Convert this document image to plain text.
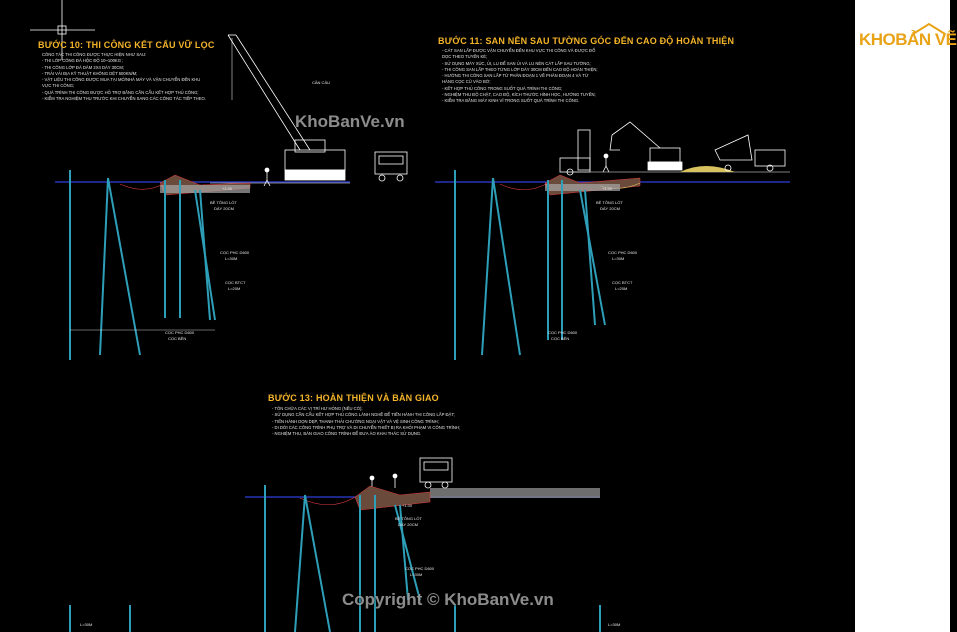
BƯỚC 10: THI CÔNG KẾT CẤU VỮ LỌC
CÔNG TÁC THI CÔNG ĐƯỢC THỰC HIỆN NHƯ SAU:
- THI LỚP CÔNG ĐÁ HỘC ĐỘ 10~100KG ;
- THI CÔNG LỚP ĐÁ DĂM 2X4 DÀY 30CM;
- TRẢI VẢI ĐỊA KỸ THUẬT KHÔNG DỆT 500KN/M;
- VẬT LIỆU THI CÔNG ĐƯỢC MUA TẠI MỎ/NHÀ MÁY VÀ VẬN CHUYỂN ĐẾN KHU
VỰC THI CÔNG;
- QUÁ TRÌNH THI CÔNG ĐƯỢC HỖ TRỢ BẰNG CẦN CẨU KẾT HỢP THỦ CÔNG;
- KIỂM TRA NGHIỆM THU TRƯỚC KHI CHUYỂN SANG CÁC CÔNG TÁC TIẾP THEO.
CẦN CẨU
+1.00
BÊ TÔNG LÓT
DÀY 20CM
CỌC PHC D600
L=30M
CỌC BTCT
L=20M
CỌC PHC D600
CỌC BÊN
BƯỚC 11: SAN NỀN SAU TƯỜNG GÓC ĐẾN CAO ĐỘ HOÀN THIỆN
- CÁT SAN LẤP ĐƯỢC VẬN CHUYỂN ĐẾN KHU VỰC THI CÔNG VÀ ĐƯỢC ĐỔ
DỌC THEO TUYẾN KÈ;
- SỬ DỤNG MÁY XÚC, ỦI, LU ĐỂ SAN ỦI VÀ LU NÈN CÁT LẤP SAU TƯỜNG;
- THI CÔNG SAN LẤP THEO TỪNG LỚP DÀY 30CM ĐẾN CAO ĐỘ HOÀN THIỆN;
- HƯỚNG THI CÔNG SAN LẤP TỪ PHÂN ĐOẠN 1 VỀ PHÂN ĐOẠN 4 VÀ TỪ
HÀNG CỌC CŨ VÀO BỜ;
- KẾT HỢP THỦ CÔNG TRONG SUỐT QUÁ TRÌNH THI CÔNG;
- NGHIỆM THU ĐỘ CHẶT, CAO ĐỘ, KÍCH THƯỚC HÌNH HỌC, HƯỚNG TUYẾN;
- KIỂM TRA BẰNG MÁY KINH VĨ TRONG SUỐT QUÁ TRÌNH THI CÔNG.
+1.00
BÊ TÔNG LÓT
DÀY 20CM
CỌC PHC D600
L=30M
CỌC BTCT
L=20M
CỌC PHC D600
CỌC BÊN
BƯỚC 13: HOÀN THIỆN VÀ BÀN GIAO
- TÔN CHỮA CÁC VỊ TRÍ HƯ HỎNG (NẾU CÓ);
- SỬ DỤNG CẦN CẨU KẾT HỢP THỦ CÔNG LÀNH NGHỀ ĐỂ TIẾN HÀNH THI CÔNG LẮP ĐẶT;
- TIẾN HÀNH DỌN DẸP, THANH THẢI CHƯỚNG NGẠI VẬT VÀ VỆ SINH CÔNG TRÌNH;
- DI DỜI CÁC CÔNG TRÌNH PHỤ TRỢ VÀ DI CHUYỂN THIẾT BỊ RA KHỎI PHẠM VI CÔNG TRÌNH;
- NGHIỆM THU, BÀN GIAO CÔNG TRÌNH ĐỂ ĐƯA ÀO KHAI THÁC SỬ DỤNG.
+1.00
BÊ TÔNG LÓT
DÀY 20CM
CỌC PHC D600
L=30M
L=30M	L=30M
KhoBanVe.vn
Copyright © KhoBanVe.vn
KHOBẢN VẼ
